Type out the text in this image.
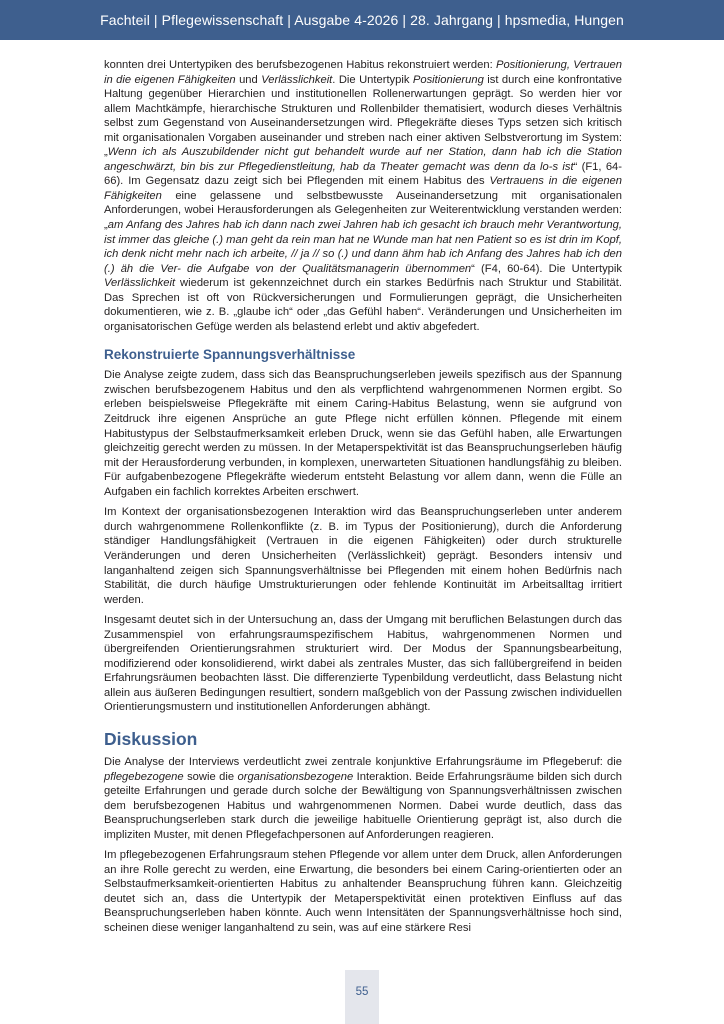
Fachteil | Pflegewissenschaft | Ausgabe 4-2026 | 28. Jahrgang | hpsmedia, Hungen

konnten drei Untertypiken des berufsbezogenen Habitus rekonstruiert werden: Positionierung, Vertrauen in die eigenen Fähigkeiten und Verlässlichkeit. Die Untertypik Positionierung ist durch eine konfrontative Haltung gegenüber Hierarchien und institutionellen Rollenerwartungen geprägt. So werden hier vor allem Machtkämpfe, hierarchische Strukturen und Rollenbilder thematisiert, wodurch dieses Verhältnis selbst zum Gegenstand von Auseinandersetzungen wird. Pflegekräfte dieses Typs setzen sich kritisch mit organisationalen Vorgaben auseinander und streben nach einer aktiven Selbstverortung im System: „Wenn ich als Auszubildender nicht gut behandelt wurde auf ner Station, dann hab ich die Station angeschwärzt, bin bis zur Pflegedienstleitung, hab da Theater gemacht was denn da lo-s ist“ (F1, 64-66). Im Gegensatz dazu zeigt sich bei Pflegenden mit einem Habitus des Vertrauens in die eigenen Fähigkeiten eine gelassene und selbstbewusste Auseinandersetzung mit organisationalen Anforderungen, wobei Herausforderungen als Gelegenheiten zur Weiterentwicklung verstanden werden: „am Anfang des Jahres hab ich dann nach zwei Jahren hab ich gesacht ich brauch mehr Verantwortung, ist immer das gleiche (.) man geht da rein man hat ne Wunde man hat nen Patient so es ist drin im Kopf, ich denk nicht mehr nach ich arbeite, // ja // so (.) und dann ähm hab ich Anfang des Jahres hab ich den (.) äh die Ver- die Aufgabe von der Qualitätsmanagerin übernommen“ (F4, 60-64). Die Untertypik Verlässlichkeit wiederum ist gekennzeichnet durch ein starkes Bedürfnis nach Struktur und Stabilität. Das Sprechen ist oft von Rückversicherungen und Formulierungen geprägt, die Unsicherheiten dokumentieren, wie z. B. „glaube ich“ oder „das Gefühl haben“. Veränderungen und Unsicherheiten im organisatorischen Gefüge werden als belastend erlebt und aktiv abgefedert.

Rekonstruierte Spannungsverhältnisse

Die Analyse zeigte zudem, dass sich das Beanspruchungserleben jeweils spezifisch aus der Spannung zwischen berufsbezogenem Habitus und den als verpflichtend wahrgenommenen Normen ergibt. So erleben beispielsweise Pflegekräfte mit einem Caring-Habitus Belastung, wenn sie aufgrund von Zeitdruck ihre eigenen Ansprüche an gute Pflege nicht erfüllen können. Pflegende mit einem Habitustypus der Selbstaufmerksamkeit erleben Druck, wenn sie das Gefühl haben, alle Erwartungen gleichzeitig gerecht werden zu müssen. In der Metaperspektivität ist das Beanspruchungserleben häufig mit der Herausforderung verbunden, in komplexen, unerwarteten Situationen handlungsfähig zu bleiben. Für aufgabenbezogene Pflegekräfte wiederum entsteht Belastung vor allem dann, wenn die Fülle an Aufgaben ein fachlich korrektes Arbeiten erschwert.

Im Kontext der organisationsbezogenen Interaktion wird das Beanspruchungserleben unter anderem durch wahrgenommene Rollenkonflikte (z. B. im Typus der Positionierung), durch die Anforderung ständiger Handlungsfähigkeit (Vertrauen in die eigenen Fähigkeiten) oder durch strukturelle Veränderungen und deren Unsicherheiten (Verlässlichkeit) geprägt. Besonders intensiv und langanhaltend zeigen sich Spannungsverhältnisse bei Pflegenden mit einem hohen Bedürfnis nach Stabilität, die durch häufige Umstrukturierungen oder fehlende Kontinuität im Arbeitsalltag irritiert werden.

Insgesamt deutet sich in der Untersuchung an, dass der Umgang mit beruflichen Belastungen durch das Zusammenspiel von erfahrungsraumspezifischem Habitus, wahrgenommenen Normen und übergreifenden Orientierungsrahmen strukturiert wird. Der Modus der Spannungsbearbeitung, modifizierend oder konsolidierend, wirkt dabei als zentrales Muster, das sich fallübergreifend in beiden Erfahrungsräumen beobachten lässt. Die differenzierte Typenbildung verdeutlicht, dass Belastung nicht allein aus äußeren Bedingungen resultiert, sondern maßgeblich von der Passung zwischen individuellen Orientierungsmustern und institutionellen Anforderungen abhängt.

Diskussion

Die Analyse der Interviews verdeutlicht zwei zentrale konjunktive Erfahrungsräume im Pflegeberuf: die pflegebezogene sowie die organisationsbezogene Interaktion. Beide Erfahrungsräume bilden sich durch geteilte Erfahrungen und gerade durch solche der Bewältigung von Spannungsverhältnissen zwischen dem berufsbezogenen Habitus und wahrgenommenen Normen. Dabei wurde deutlich, dass das Beanspruchungserleben stark durch die jeweilige habituelle Orientierung geprägt ist, also durch die impliziten Muster, mit denen Pflegefachpersonen auf Anforderungen reagieren.

Im pflegebezogenen Erfahrungsraum stehen Pflegende vor allem unter dem Druck, allen Anforderungen an ihre Rolle gerecht zu werden, eine Erwartung, die besonders bei einem Caring-orientierten oder an Selbstaufmerksamkeit-orientierten Habitus zu anhaltender Beanspruchung führen kann. Gleichzeitig deutet sich an, dass die Untertypik der Metaperspektivität einen protektiven Einfluss auf das Beanspruchungserleben haben könnte. Auch wenn Intensitäten der Spannungsverhältnisse hoch sind, scheinen diese weniger langanhaltend zu sein, was auf eine stärkere Resi

55
